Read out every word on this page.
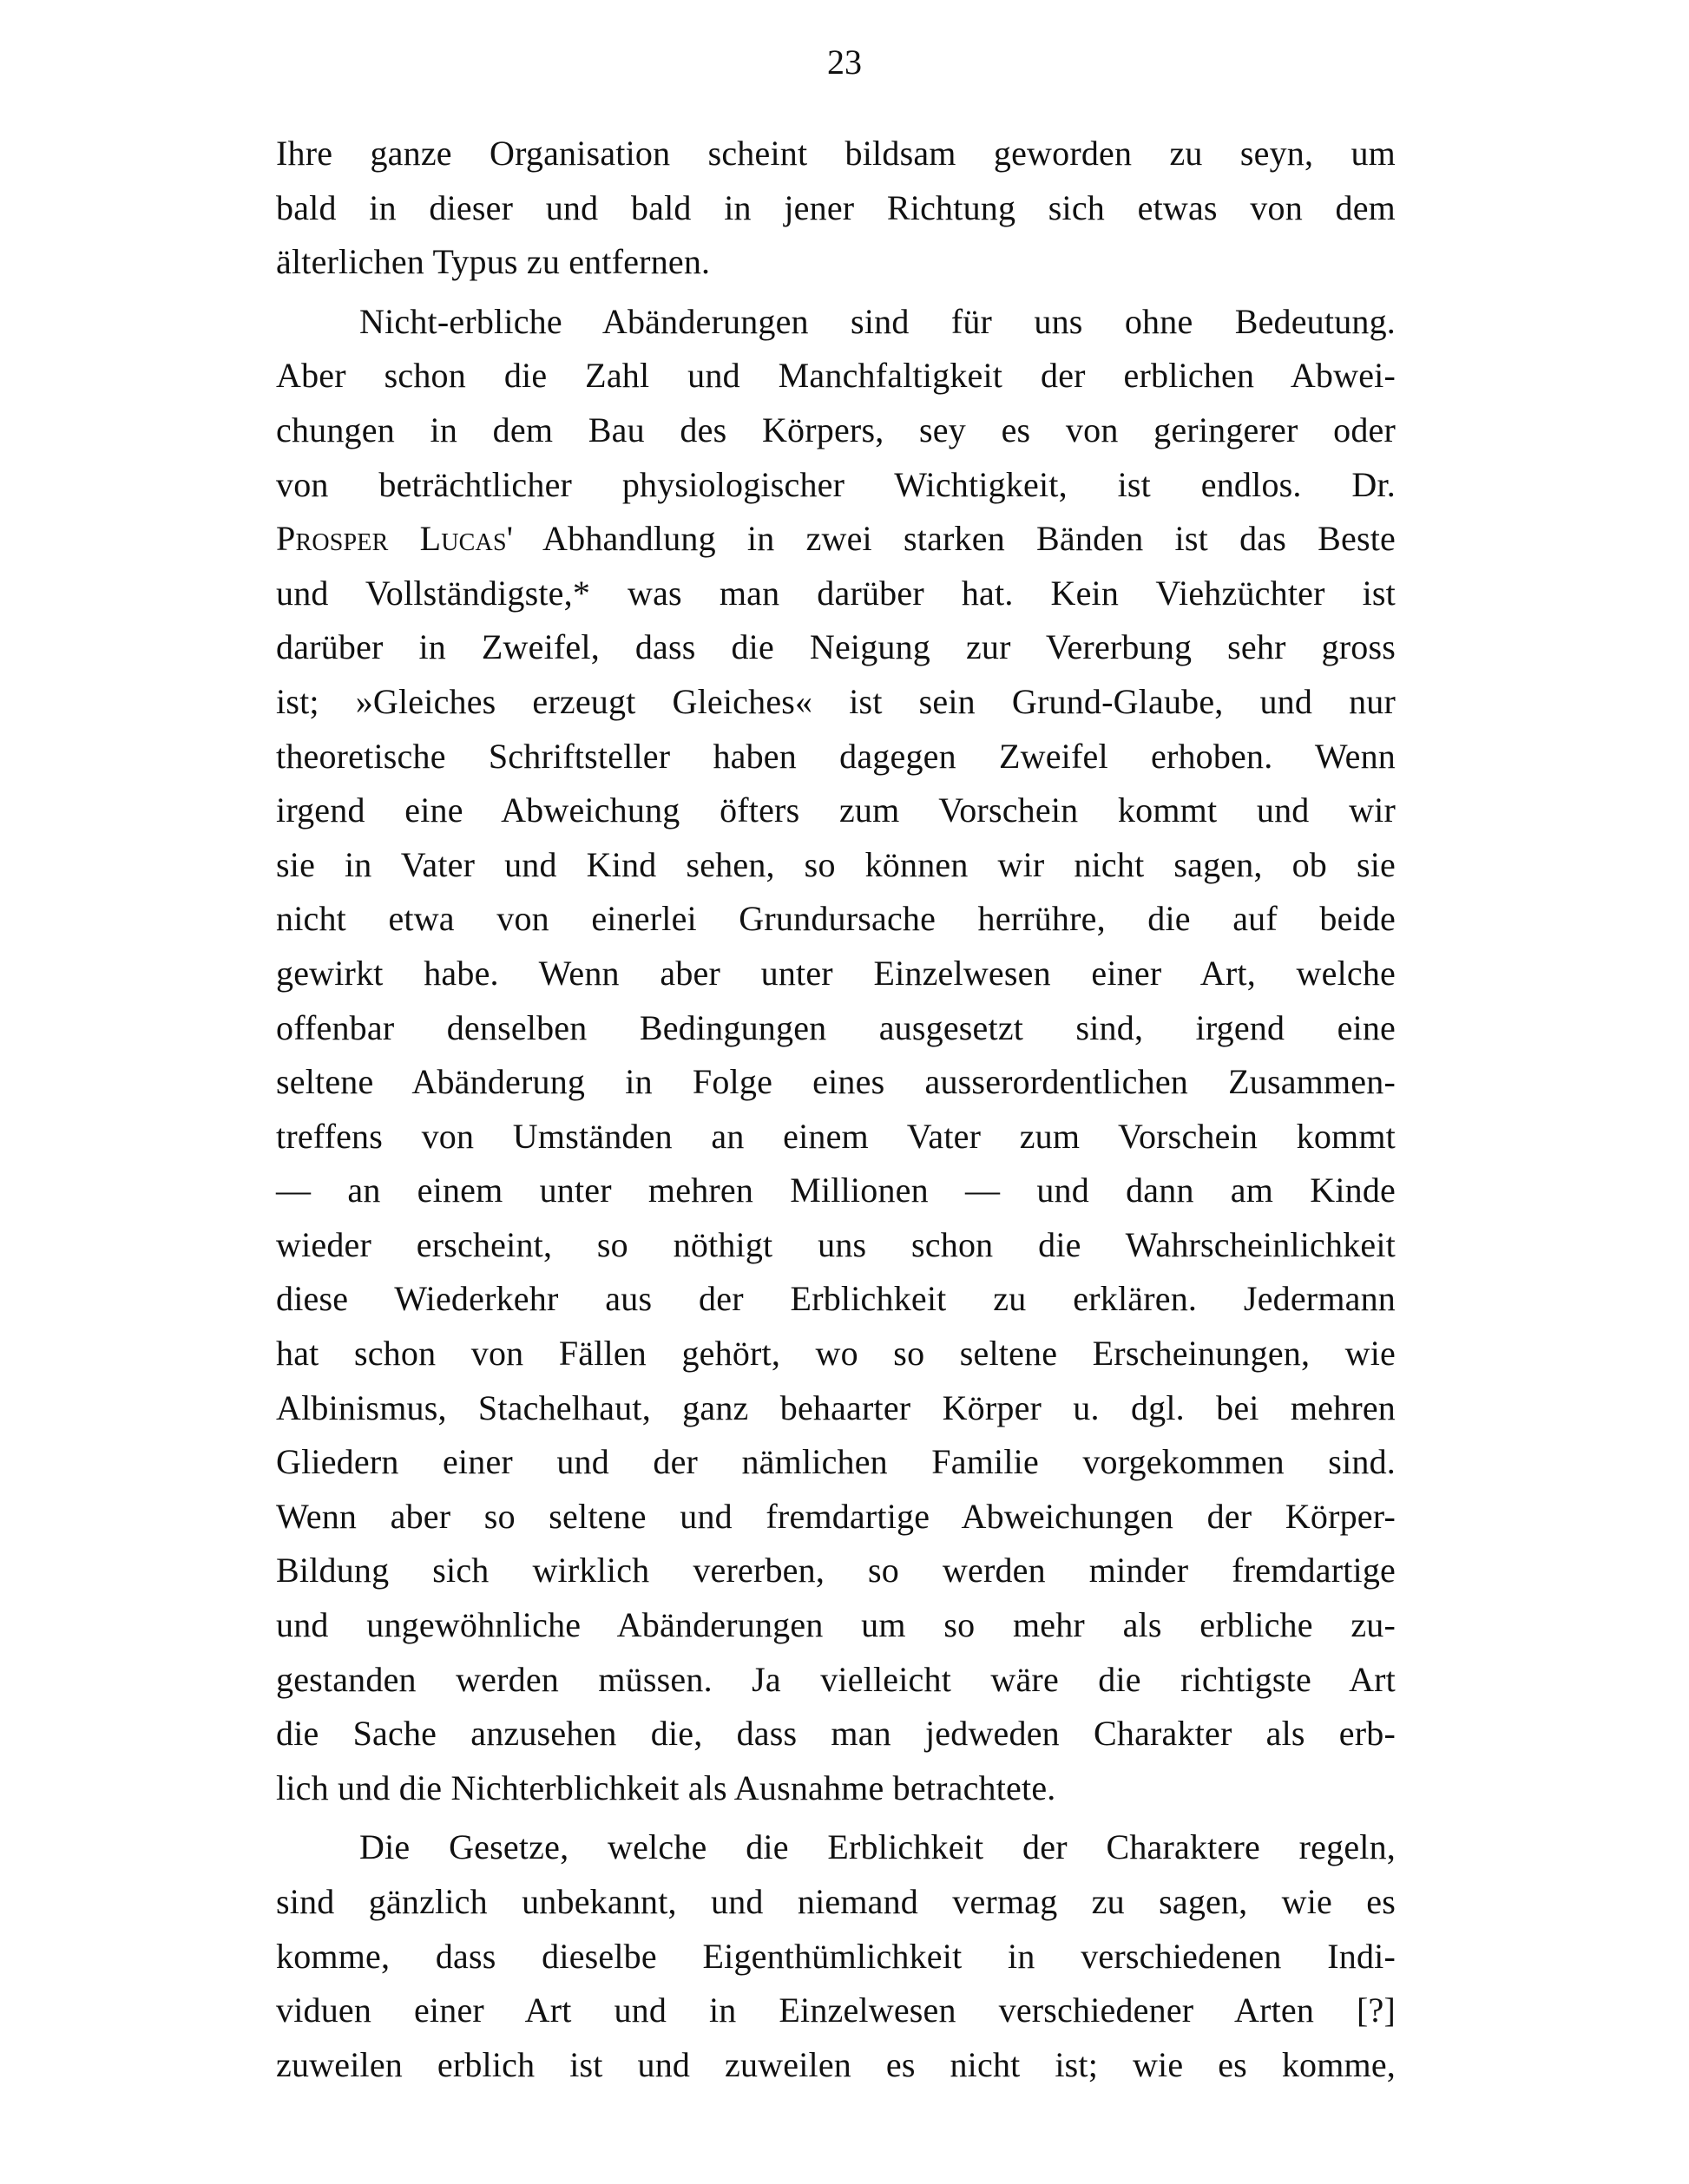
23
Ihre ganze Organisation scheint bildsam geworden zu seyn, um
bald in dieser und bald in jener Richtung sich etwas von dem
älterlichen Typus zu entfernen.
Nicht-erbliche Abänderungen sind für uns ohne Bedeutung.
Aber schon die Zahl und Manchfaltigkeit der erblichen Abwei-
chungen in dem Bau des Körpers, sey es von geringerer oder
von beträchtlicher physiologischer Wichtigkeit, ist endlos. Dr.
Prosper Lucas' Abhandlung in zwei starken Bänden ist das Beste
und Vollständigste,* was man darüber hat. Kein Viehzüchter ist
darüber in Zweifel, dass die Neigung zur Vererbung sehr gross
ist; »Gleiches erzeugt Gleiches« ist sein Grund-Glaube, und nur
theoretische Schriftsteller haben dagegen Zweifel erhoben. Wenn
irgend eine Abweichung öfters zum Vorschein kommt und wir
sie in Vater und Kind sehen, so können wir nicht sagen, ob sie
nicht etwa von einerlei Grundursache herrühre, die auf beide
gewirkt habe. Wenn aber unter Einzelwesen einer Art, welche
offenbar denselben Bedingungen ausgesetzt sind, irgend eine
seltene Abänderung in Folge eines ausserordentlichen Zusammen-
treffens von Umständen an einem Vater zum Vorschein kommt
— an einem unter mehren Millionen — und dann am Kinde
wieder erscheint, so nöthigt uns schon die Wahrscheinlichkeit
diese Wiederkehr aus der Erblichkeit zu erklären. Jedermann
hat schon von Fällen gehört, wo so seltene Erscheinungen, wie
Albinismus, Stachelhaut, ganz behaarter Körper u. dgl. bei mehren
Gliedern einer und der nämlichen Familie vorgekommen sind.
Wenn aber so seltene und fremdartige Abweichungen der Körper-
Bildung sich wirklich vererben, so werden minder fremdartige
und ungewöhnliche Abänderungen um so mehr als erbliche zu-
gestanden werden müssen. Ja vielleicht wäre die richtigste Art
die Sache anzusehen die, dass man jedweden Charakter als erb-
lich und die Nichterblichkeit als Ausnahme betrachtete.
Die Gesetze, welche die Erblichkeit der Charaktere regeln,
sind gänzlich unbekannt, und niemand vermag zu sagen, wie es
komme, dass dieselbe Eigenthümlichkeit in verschiedenen Indi-
viduen einer Art und in Einzelwesen verschiedener Arten [?]
zuweilen erblich ist und zuweilen es nicht ist; wie es komme,
